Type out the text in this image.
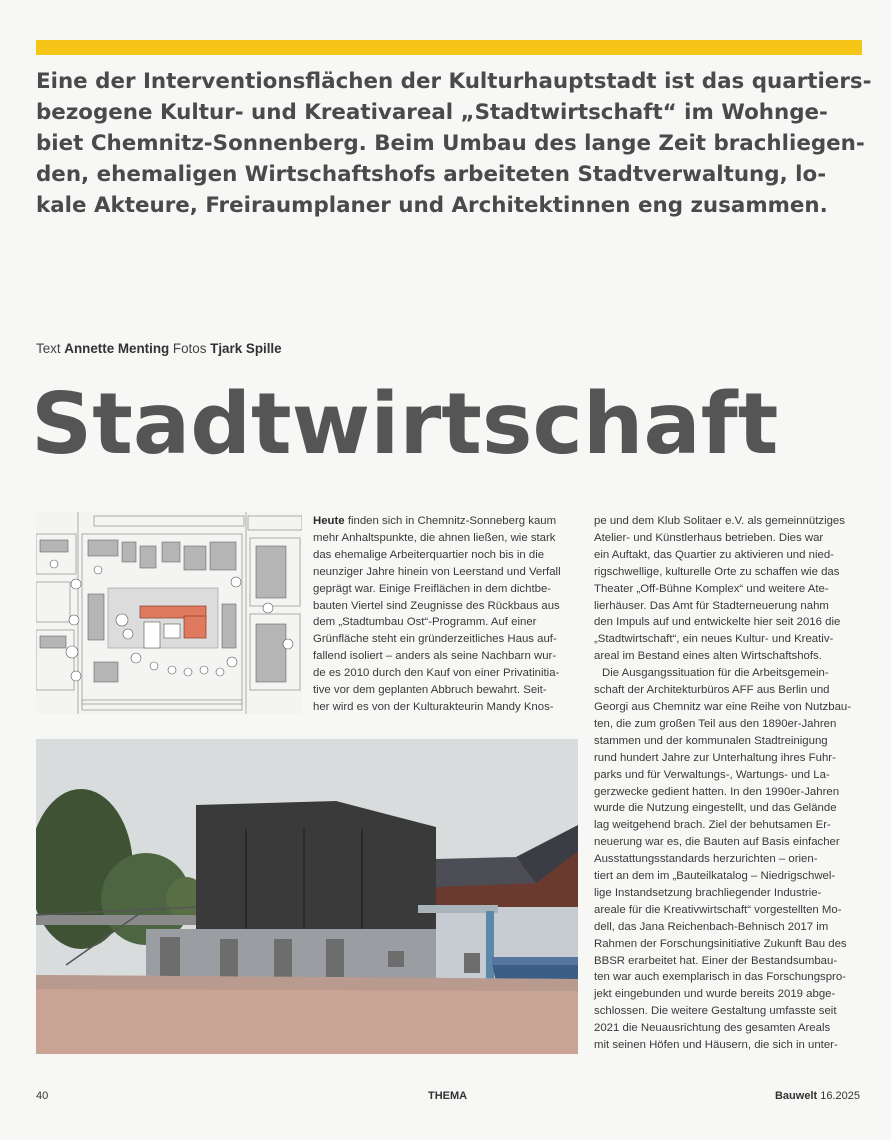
Eine der Interventionsflächen der Kulturhauptstadt ist das quartiers-
bezogene Kultur- und Kreativareal „Stadtwirtschaft“ im Wohnge-
biet Chemnitz-Sonnenberg. Beim Umbau des lange Zeit brachliegen-
den, ehemaligen Wirtschaftshofs arbeiteten Stadtverwaltung, lo-
kale Akteure, Freiraumplaner und Architektinnen eng zusammen.
Text Annette Menting Fotos Tjark Spille
Stadtwirtschaft
Heute finden sich in Chemnitz-Sonneberg kaum
mehr Anhaltspunkte, die ahnen ließen, wie stark
das ehemalige Arbeiterquartier noch bis in die
neunziger Jahre hinein von Leerstand und Verfall
geprägt war. Einige Freiflächen in dem dichtbe-
bauten Viertel sind Zeugnisse des Rückbaus aus
dem „Stadtumbau Ost“-Programm. Auf einer
Grünfläche steht ein gründerzeitliches Haus auf-
fallend isoliert – anders als seine Nachbarn wur-
de es 2010 durch den Kauf von einer Privatinitia-
tive vor dem geplanten Abbruch bewahrt. Seit-
her wird es von der Kulturakteurin Mandy Knos-
pe und dem Klub Solitaer e.V. als gemeinnütziges
Atelier- und Künstlerhaus betrieben. Dies war
ein Auftakt, das Quartier zu aktivieren und nied-
rigschwellige, kulturelle Orte zu schaffen wie das
Theater „Off-Bühne Komplex“ und weitere Ate-
lierhäuser. Das Amt für Stadterneuerung nahm
den Impuls auf und entwickelte hier seit 2016 die
„Stadtwirtschaft“, ein neues Kultur- und Kreativ-
areal im Bestand eines alten Wirtschaftshofs.
Die Ausgangssituation für die Arbeitsgemein-
schaft der Architekturbüros AFF aus Berlin und
Georgi aus Chemnitz war eine Reihe von Nutzbau-
ten, die zum großen Teil aus den 1890er-Jahren
stammen und der kommunalen Stadtreinigung
rund hundert Jahre zur Unterhaltung ihres Fuhr-
parks und für Verwaltungs-, Wartungs- und La-
gerzwecke gedient hatten. In den 1990er-Jahren
wurde die Nutzung eingestellt, und das Gelände
lag weitgehend brach. Ziel der behutsamen Er-
neuerung war es, die Bauten auf Basis einfacher
Ausstattungsstandards herzurichten – orien-
tiert an dem im „Bauteilkatalog – Niedrigschwel-
lige Instandsetzung brachliegender Industrie-
areale für die Kreativwirtschaft“ vorgestellten Mo-
dell, das Jana Reichenbach-Behnisch 2017 im
Rahmen der Forschungsinitiative Zukunft Bau des
BBSR erarbeitet hat. Einer der Bestandsumbau-
ten war auch exemplarisch in das Forschungspro-
jekt eingebunden und wurde bereits 2019 abge-
schlossen. Die weitere Gestaltung umfasste seit
2021 die Neuausrichtung des gesamten Areals
mit seinen Höfen und Häusern, die sich in unter-
40	THEMA	Bauwelt 16.2025
